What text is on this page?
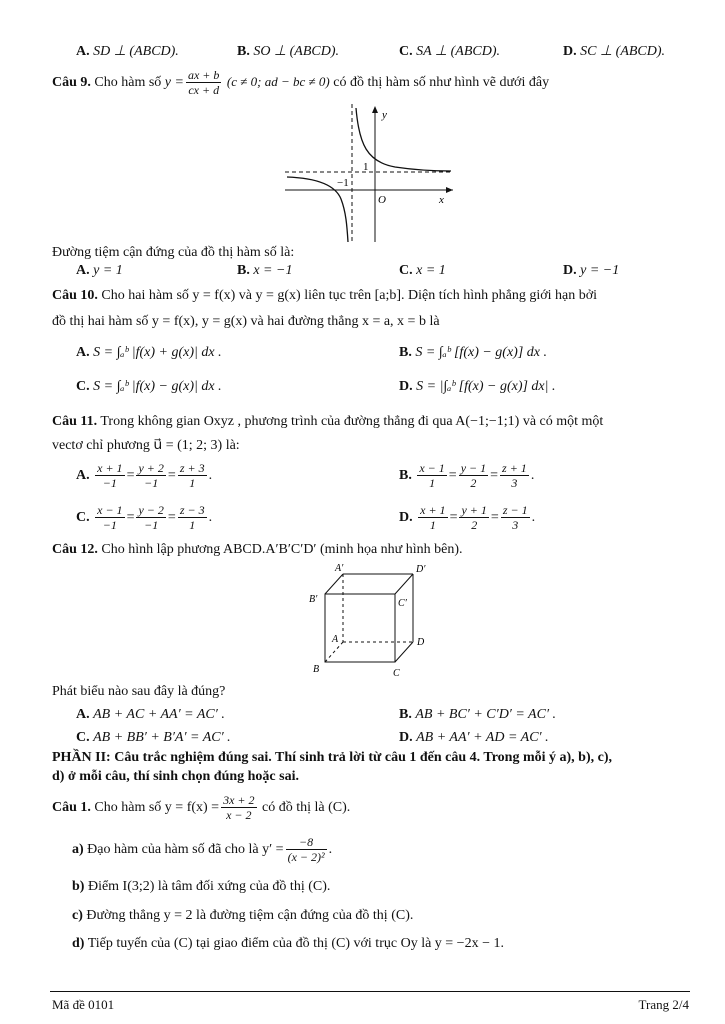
A. SD ⊥ (ABCD).	B. SO ⊥ (ABCD).	C. SA ⊥ (ABCD).	D. SC ⊥ (ABCD).
Câu 9. Cho hàm số $y = \frac{ax + b}{cx + d} (c \ne 0$; ad − bc ≠ 0) có đồ thị hàm số như hình vẽ dưới đây
y
x
1
−1
O
Đường tiệm cận đứng của đồ thị hàm số là:
A. y = 1	B. x = −1	C. x = 1	D. y = −1
Câu 10. Cho hai hàm số y = f(x) và y = g(x) liên tục trên [a;b]. Diện tích hình phẳng giới hạn bởi
đồ thị hai hàm số y = f(x), y = g(x) và hai đường thẳng x = a, x = b là
A. S = ∫ₐᵇ |f(x) + g(x)| dx .	B. S = ∫ₐᵇ [f(x) − g(x)] dx .
C. S = ∫ₐᵇ |f(x) − g(x)| dx .	D. S = |∫ₐᵇ [f(x) − g(x)] dx| .
Câu 11. Trong không gian Oxyz , phương trình của đường thẳng đi qua A(−1;−1;1) và có một một
vectơ chỉ phương u⃗ = (1; 2; 3) là:
A. $\frac{x + 1}{-1} = \frac{y + 2}{-1} = \frac{z + 3}{1}$ .	B. $\frac{x - 1}{1} = \frac{y - 1}{2} = \frac{z + 1}{3}$ .
C. $\frac{x - 1}{-1} = \frac{y - 2}{-1} = \frac{z - 3}{1}$ .	D. $\frac{x + 1}{1} = \frac{y + 1}{2} = \frac{z - 1}{3}$ .
Câu 12. Cho hình lập phương ABCD.A′B′C′D′ (minh họa như hình bên).
A′	D′
B′	C′
A	D
B	C
Phát biểu nào sau đây là đúng?
A. AB + AC + AA′ = AC′ .	B. AB + BC′ + C′D′ = AC′ .
C. AB + BB′ + B′A′ = AC′ .	D. AB + AA′ + AD = AC′ .
PHẦN II: Câu trắc nghiệm đúng sai. Thí sinh trả lời từ câu 1 đến câu 4. Trong mỗi ý a), b), c),
d) ở mỗi câu, thí sinh chọn đúng hoặc sai.
Câu 1. Cho hàm số $y = f(x) = \frac{3x + 2}{x - 2}$ có đồ thị là (C).
a) Đạo hàm của hàm số đã cho là $y' = \frac{-8}{\text{(x − 2)²}}$ .
b) Điểm I(3;2) là tâm đối xứng của đồ thị (C).
c) Đường thẳng y = 2 là đường tiệm cận đứng của đồ thị (C).
d) Tiếp tuyến của (C) tại giao điểm của đồ thị (C) với trục Oy là y = −2x − 1.
Mã đề 0101	Trang 2/4
